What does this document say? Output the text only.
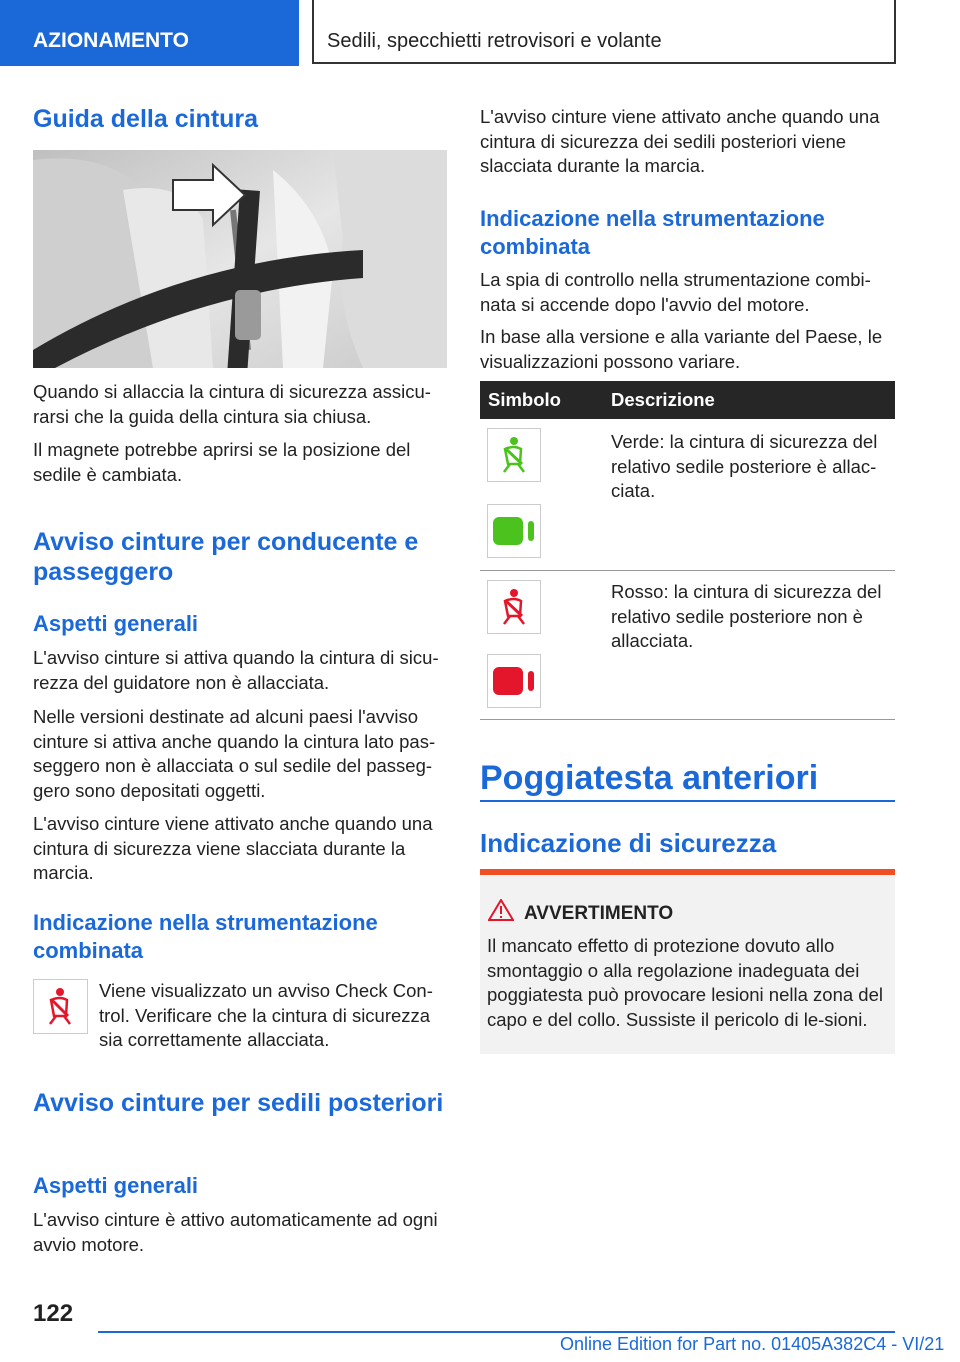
AZIONAMENTO	Sedili, specchietti retrovisori e volante
Guida della cintura

Quando si allaccia la cintura di sicurezza assicu-rarsi che la guida della cintura sia chiusa.

Il magnete potrebbe aprirsi se la posizione del sedile è cambiata.

Avviso cinture per conducente e passeggero
Aspetti generali

L'avviso cinture si attiva quando la cintura di sicu-rezza del guidatore non è allacciata.

Nelle versioni destinate ad alcuni paesi l'avviso cinture si attiva anche quando la cintura lato pas-seggero non è allacciata o sul sedile del passeg-gero sono depositati oggetti.

L'avviso cinture viene attivato anche quando una cintura di sicurezza viene slacciata durante la marcia.

Indicazione nella strumentazione combinata

Viene visualizzato un avviso Check Con-trol. Verificare che la cintura di sicurezza sia correttamente allacciata.

Avviso cinture per sedili posteriori
Aspetti generali

L'avviso cinture è attivo automaticamente ad ogni avvio motore.

L'avviso cinture viene attivato anche quando una cintura di sicurezza dei sedili posteriori viene slacciata durante la marcia.

Indicazione nella strumentazione combinata

La spia di controllo nella strumentazione combi-nata si accende dopo l'avvio del motore.

In base alla versione e alla variante del Paese, le visualizzazioni possono variare.

Simbolo	Descrizione

Verde: la cintura di sicurezza del relativo sedile posteriore è allac-ciata.

Rosso: la cintura di sicurezza del relativo sedile posteriore non è allacciata.

Poggiatesta anteriori
Indicazione di sicurezza
AVVERTIMENTO

Il mancato effetto di protezione dovuto allo smontaggio o alla regolazione inadeguata dei poggiatesta può provocare lesioni nella zona del capo e del collo. Sussiste il pericolo di le-sioni.

122
Online Edition for Part no. 01405A382C4 - VI/21
